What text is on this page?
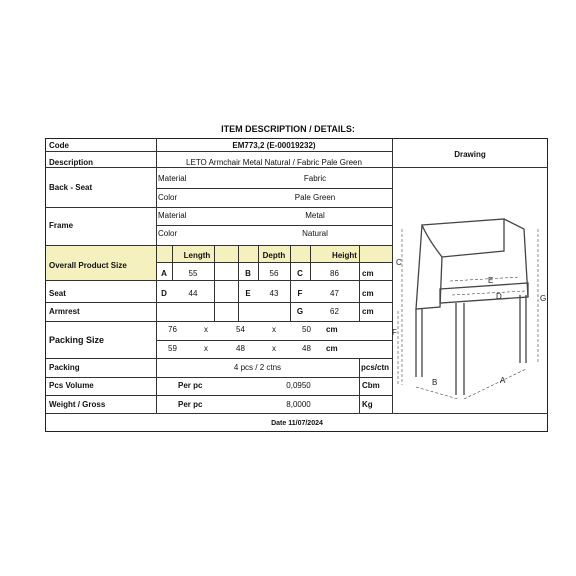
ITEM DESCRIPTION / DETAILS:
Code	EM773,2 (E-00019232)
Drawing
Description	LETO Armchair Metal Natural / Fabric Pale Green
Back - Seat
Material	Fabric
Color	Pale Green
Frame
Material	Metal
Color	Natural
Overall Product Size
Length	Depth	Height
A	55	B	56	C	86	cm
Seat	D	44	E	43	F	47	cm
Armrest	G	62	cm
Packing Size
76	x	54	x	50 cm
59	x	48	x	48 cm
Packing	4 pcs / 2 ctns	pcs/ctn
Pcs Volume	Per pc	0,0950	Cbm
Weight / Gross	Per pc	8,0000	Kg
Date 11/07/2024
C
F
G
E
D
B	A
